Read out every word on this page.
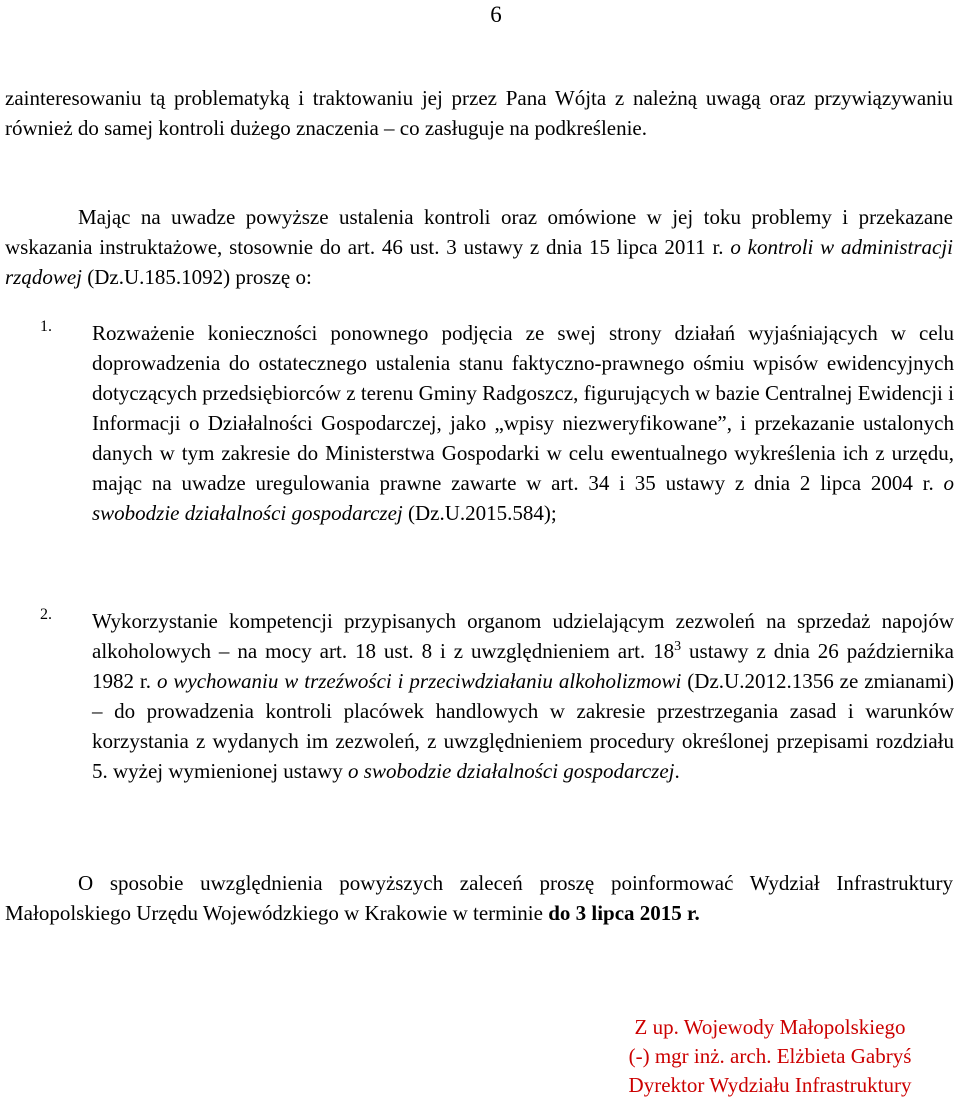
6

zainteresowaniu tą problematyką i traktowaniu jej przez Pana Wójta z należną uwagą oraz przywiązywaniu również do samej kontroli dużego znaczenia – co zasługuje na podkreślenie.

Mając na uwadze powyższe ustalenia kontroli oraz omówione w jej toku problemy i przekazane wskazania instruktażowe, stosownie do art. 46 ust. 3 ustawy z dnia 15 lipca 2011 r. o kontroli w administracji rządowej (Dz.U.185.1092) proszę o:

1. Rozważenie konieczności ponownego podjęcia ze swej strony działań wyjaśniających w celu doprowadzenia do ostatecznego ustalenia stanu faktyczno-prawnego ośmiu wpisów ewidencyjnych dotyczących przedsiębiorców z terenu Gminy Radgoszcz, figurujących w bazie Centralnej Ewidencji i Informacji o Działalności Gospodarczej, jako „wpisy niezweryfikowane”, i przekazanie ustalonych danych w tym zakresie do Ministerstwa Gospodarki w celu ewentualnego wykreślenia ich z urzędu, mając na uwadze uregulowania prawne zawarte w art. 34 i 35 ustawy z dnia 2 lipca 2004 r. o swobodzie działalności gospodarczej (Dz.U.2015.584);

2. Wykorzystanie kompetencji przypisanych organom udzielającym zezwoleń na sprzedaż napojów alkoholowych – na mocy art. 18 ust. 8 i z uwzględnieniem art. $18^3$ ustawy z dnia 26 października 1982 r. o wychowaniu w trzeźwości i przeciwdziałaniu alkoholizmowi (Dz.U.2012.1356 ze zmianami) – do prowadzenia kontroli placówek handlowych w zakresie przestrzegania zasad i warunków korzystania z wydanych im zezwoleń, z uwzględnieniem procedury określonej przepisami rozdziału 5. wyżej wymienionej ustawy o swobodzie działalności gospodarczej.

O sposobie uwzględnienia powyższych zaleceń proszę poinformować Wydział Infrastruktury Małopolskiego Urzędu Wojewódzkiego w Krakowie w terminie do 3 lipca 2015 r.

Z up. Wojewody Małopolskiego
(-) mgr inż. arch. Elżbieta Gabryś
Dyrektor Wydziału Infrastruktury
